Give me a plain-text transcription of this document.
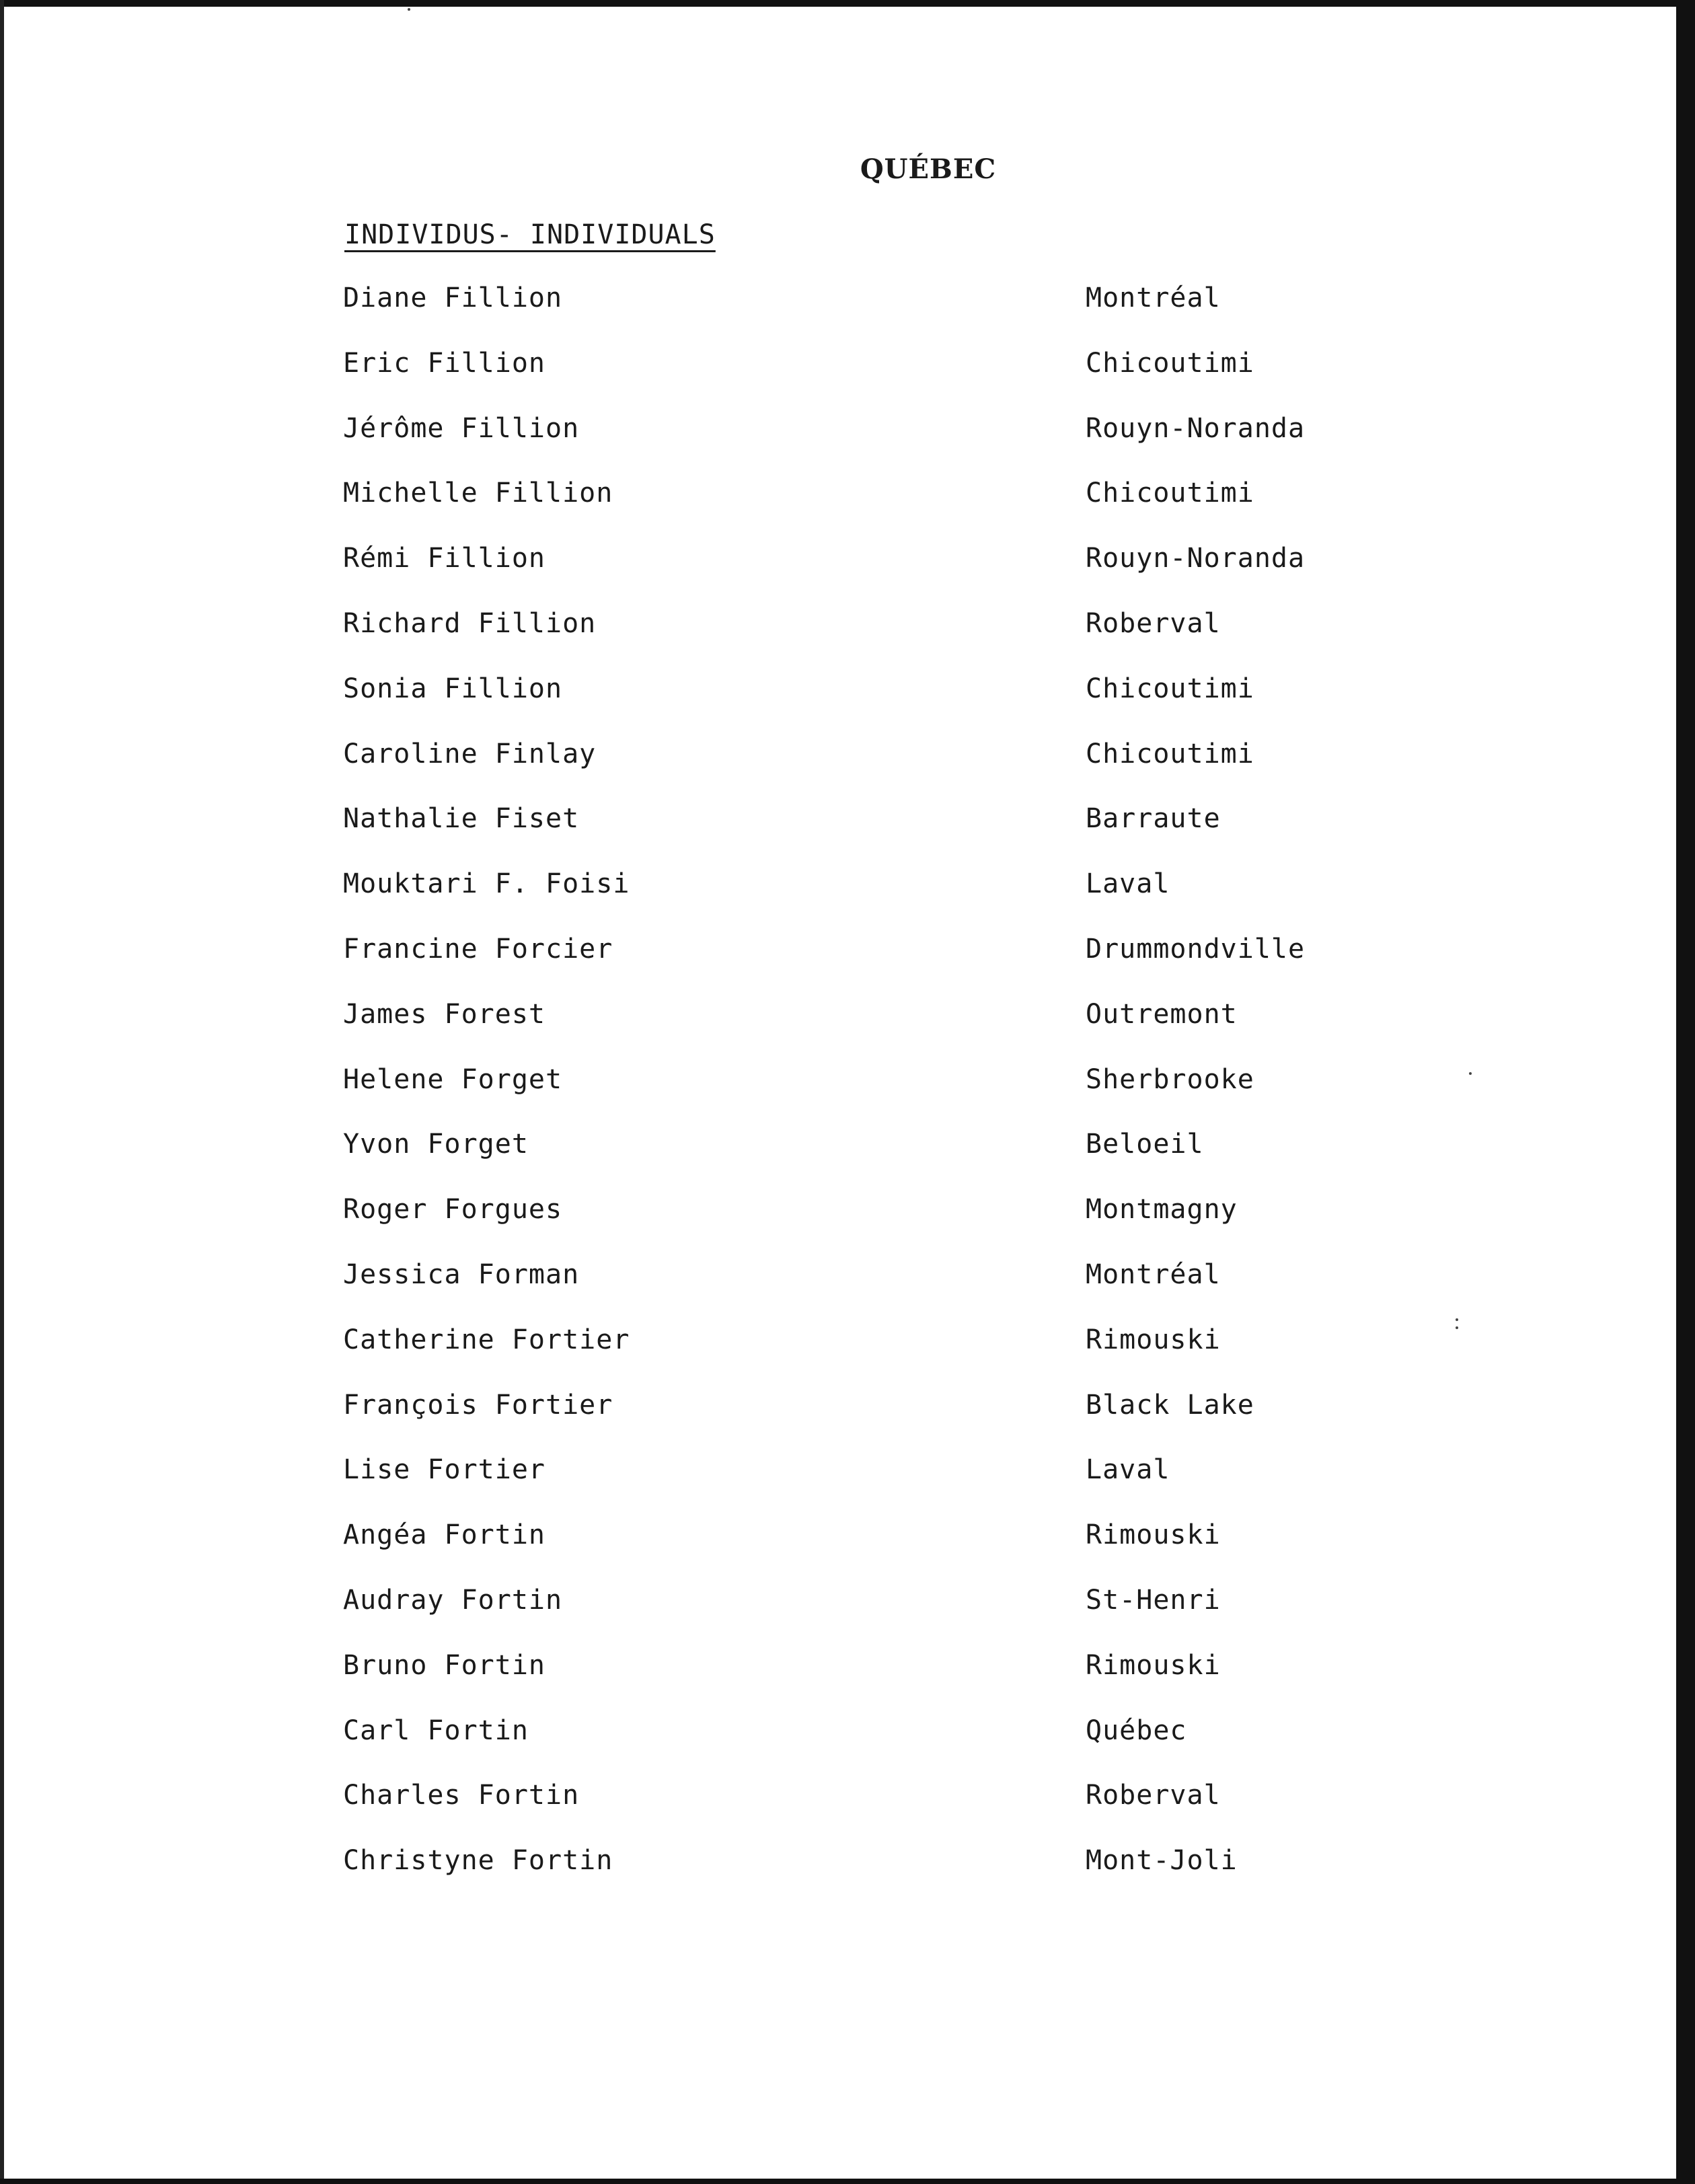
QUÉBEC
INDIVIDUS- INDIVIDUALS
Diane Fillion	Montréal
Eric Fillion	Chicoutimi
Jérôme Fillion	Rouyn-Noranda
Michelle Fillion	Chicoutimi
Rémi Fillion	Rouyn-Noranda
Richard Fillion	Roberval
Sonia Fillion	Chicoutimi
Caroline Finlay	Chicoutimi
Nathalie Fiset	Barraute
Mouktari F. Foisi	Laval
Francine Forcier	Drummondville
James Forest	Outremont
Helene Forget	Sherbrooke
Yvon Forget	Beloeil
Roger Forgues	Montmagny
Jessica Forman	Montréal
Catherine Fortier	Rimouski
François Fortier	Black Lake
Lise Fortier	Laval
Angéa Fortin	Rimouski
Audray Fortin	St-Henri
Bruno Fortin	Rimouski
Carl Fortin	Québec
Charles Fortin	Roberval
Christyne Fortin	Mont-Joli
